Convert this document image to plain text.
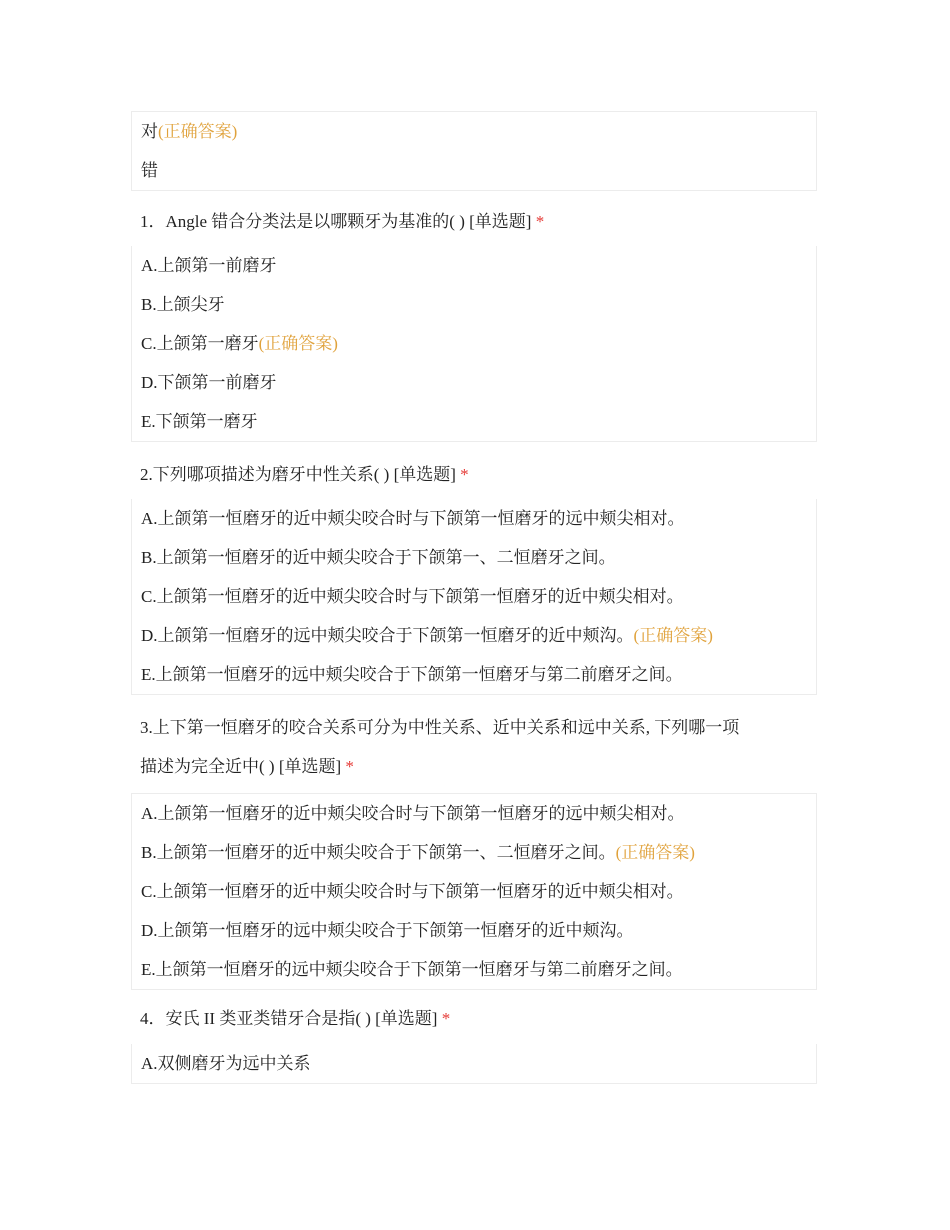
对(正确答案)
错
1．Angle 错合分类法是以哪颗牙为基准的( ) [单选题] *
A.上颌第一前磨牙
B.上颌尖牙
C.上颌第一磨牙(正确答案)
D.下颌第一前磨牙
E.下颌第一磨牙
2.下列哪项描述为磨牙中性关系( ) [单选题] *
A.上颌第一恒磨牙的近中颊尖咬合时与下颌第一恒磨牙的远中颊尖相对。
B.上颌第一恒磨牙的近中颊尖咬合于下颌第一、二恒磨牙之间。
C.上颌第一恒磨牙的近中颊尖咬合时与下颌第一恒磨牙的近中颊尖相对。
D.上颌第一恒磨牙的远中颊尖咬合于下颌第一恒磨牙的近中颊沟。(正确答案)
E.上颌第一恒磨牙的远中颊尖咬合于下颌第一恒磨牙与第二前磨牙之间。
3.上下第一恒磨牙的咬合关系可分为中性关系、近中关系和远中关系, 下列哪一项
描述为完全近中( ) [单选题] *
A.上颌第一恒磨牙的近中颊尖咬合时与下颌第一恒磨牙的远中颊尖相对。
B.上颌第一恒磨牙的近中颊尖咬合于下颌第一、二恒磨牙之间。(正确答案)
C.上颌第一恒磨牙的近中颊尖咬合时与下颌第一恒磨牙的近中颊尖相对。
D.上颌第一恒磨牙的远中颊尖咬合于下颌第一恒磨牙的近中颊沟。
E.上颌第一恒磨牙的远中颊尖咬合于下颌第一恒磨牙与第二前磨牙之间。
4．安氏 II 类亚类错牙合是指( ) [单选题] *
A.双侧磨牙为远中关系
